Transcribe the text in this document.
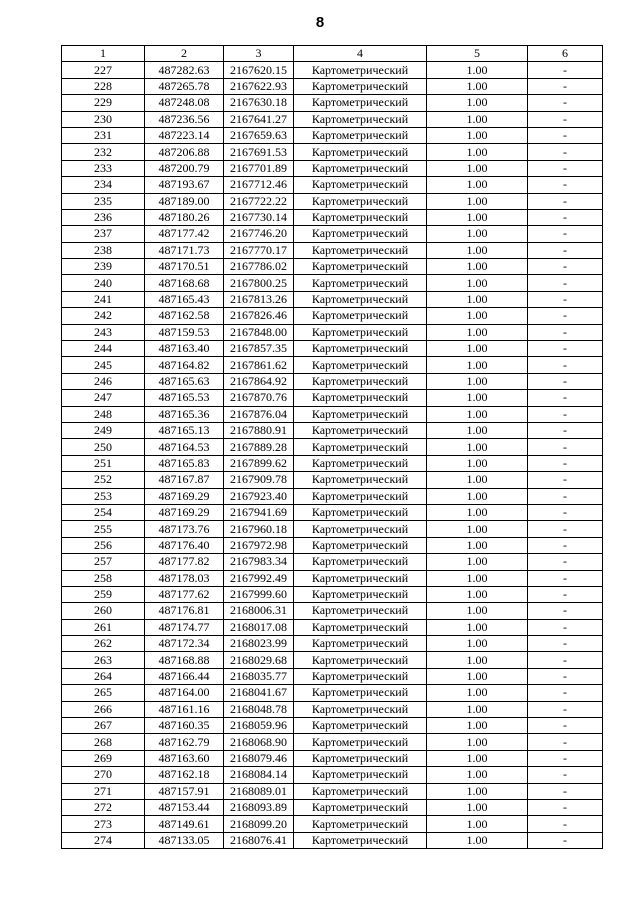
8
1	2	3	4	5	6
227	487282.63	2167620.15	Картометрический	1.00	-
228	487265.78	2167622.93	Картометрический	1.00	-
229	487248.08	2167630.18	Картометрический	1.00	-
230	487236.56	2167641.27	Картометрический	1.00	-
231	487223.14	2167659.63	Картометрический	1.00	-
232	487206.88	2167691.53	Картометрический	1.00	-
233	487200.79	2167701.89	Картометрический	1.00	-
234	487193.67	2167712.46	Картометрический	1.00	-
235	487189.00	2167722.22	Картометрический	1.00	-
236	487180.26	2167730.14	Картометрический	1.00	-
237	487177.42	2167746.20	Картометрический	1.00	-
238	487171.73	2167770.17	Картометрический	1.00	-
239	487170.51	2167786.02	Картометрический	1.00	-
240	487168.68	2167800.25	Картометрический	1.00	-
241	487165.43	2167813.26	Картометрический	1.00	-
242	487162.58	2167826.46	Картометрический	1.00	-
243	487159.53	2167848.00	Картометрический	1.00	-
244	487163.40	2167857.35	Картометрический	1.00	-
245	487164.82	2167861.62	Картометрический	1.00	-
246	487165.63	2167864.92	Картометрический	1.00	-
247	487165.53	2167870.76	Картометрический	1.00	-
248	487165.36	2167876.04	Картометрический	1.00	-
249	487165.13	2167880.91	Картометрический	1.00	-
250	487164.53	2167889.28	Картометрический	1.00	-
251	487165.83	2167899.62	Картометрический	1.00	-
252	487167.87	2167909.78	Картометрический	1.00	-
253	487169.29	2167923.40	Картометрический	1.00	-
254	487169.29	2167941.69	Картометрический	1.00	-
255	487173.76	2167960.18	Картометрический	1.00	-
256	487176.40	2167972.98	Картометрический	1.00	-
257	487177.82	2167983.34	Картометрический	1.00	-
258	487178.03	2167992.49	Картометрический	1.00	-
259	487177.62	2167999.60	Картометрический	1.00	-
260	487176.81	2168006.31	Картометрический	1.00	-
261	487174.77	2168017.08	Картометрический	1.00	-
262	487172.34	2168023.99	Картометрический	1.00	-
263	487168.88	2168029.68	Картометрический	1.00	-
264	487166.44	2168035.77	Картометрический	1.00	-
265	487164.00	2168041.67	Картометрический	1.00	-
266	487161.16	2168048.78	Картометрический	1.00	-
267	487160.35	2168059.96	Картометрический	1.00	-
268	487162.79	2168068.90	Картометрический	1.00	-
269	487163.60	2168079.46	Картометрический	1.00	-
270	487162.18	2168084.14	Картометрический	1.00	-
271	487157.91	2168089.01	Картометрический	1.00	-
272	487153.44	2168093.89	Картометрический	1.00	-
273	487149.61	2168099.20	Картометрический	1.00	-
274	487133.05	2168076.41	Картометрический	1.00	-
